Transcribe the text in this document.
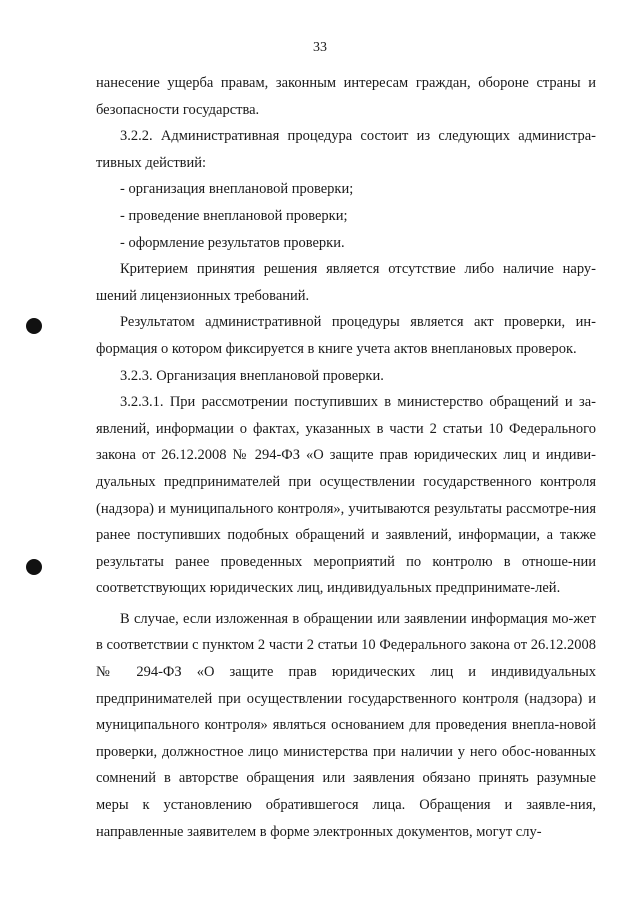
33

нанесение ущерба правам, законным интересам граждан, обороне страны и безопасности государства.

3.2.2. Административная процедура состоит из следующих администра-тивных действий:

- организация внеплановой проверки;

- проведение внеплановой проверки;

- оформление результатов проверки.

Критерием принятия решения является отсутствие либо наличие нару-шений лицензионных требований.

Результатом административной процедуры является акт проверки, ин-формация о котором фиксируется в книге учета актов внеплановых проверок.

3.2.3. Организация внеплановой проверки.

3.2.3.1. При рассмотрении поступивших в министерство обращений и за-явлений, информации о фактах, указанных в части 2 статьи 10 Федерального закона от 26.12.2008 № 294-ФЗ «О защите прав юридических лиц и индиви-дуальных предпринимателей при осуществлении государственного контроля (надзора) и муниципального контроля», учитываются результаты рассмотре-ния ранее поступивших подобных обращений и заявлений, информации, а также результаты ранее проведенных мероприятий по контролю в отноше-нии соответствующих юридических лиц, индивидуальных предпринимате-лей.

В случае, если изложенная в обращении или заявлении информация мо-жет в соответствии с пунктом 2 части 2 статьи 10 Федерального закона от 26.12.2008 № 294-ФЗ «О защите прав юридических лиц и индивидуальных предпринимателей при осуществлении государственного контроля (надзора) и муниципального контроля» являться основанием для проведения внепла-новой проверки, должностное лицо министерства при наличии у него обос-нованных сомнений в авторстве обращения или заявления обязано принять разумные меры к установлению обратившегося лица. Обращения и заявле-ния, направленные заявителем в форме электронных документов, могут слу-
